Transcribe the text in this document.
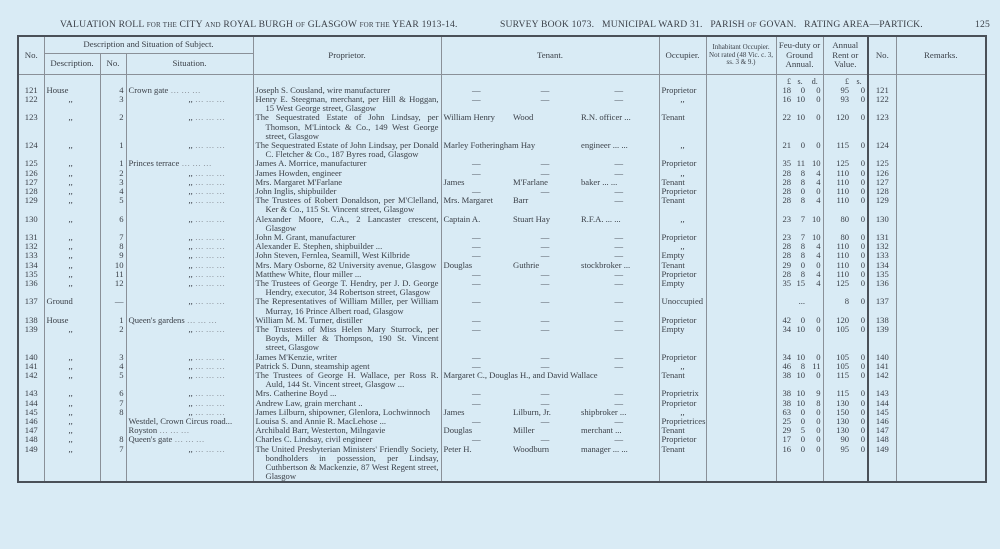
VALUATION ROLL FOR THE CITY AND ROYAL BURGH OF GLASGOW FOR THE YEAR 1913-14.	SURVEY BOOK 1073.   MUNICIPAL WARD 31.   PARISH OF GOVAN.   RATING AREA—PARTICK.	125
No.	Description and Situation of Subject.			Proprietor.	Tenant.			Occupier.	Inhabitant Occupier. Not rated (48 Vic. c. 3, ss. 3 & 9.)	Feu-duty or Ground Annual.			Annual Rent or Value.		No.	Remarks.
	Description.	No.	Situation.													
										£	s.	d.	£	s.		
121	House	4	Crown gate … … …	Joseph S. Cousland, wire manufacturer	—	—	—	Proprietor		18	0	0	95	0	121	
122	,,	3	,, … … …	Henry E. Steegman, merchant, per Hill & Hoggan, 15 West George street, Glasgow	—	—	—	,,		16	10	0	93	0	122	
123	,,	2	,, … … …	The Sequestrated Estate of John Lindsay, per Thomson, M'Lintock & Co., 149 West George street, Glasgow	William Henry	Wood	R.N. officer ...	Tenant		22	10	0	120	0	123	
124	,,	1	,, … … …	The Sequestrated Estate of John Lindsay, per Donald C. Fletcher & Co., 187 Byres road, Glasgow	Marley Fotheringham Hay		engineer ... ...	,,		21	0	0	115	0	124	
125	,,	1	Princes terrace … … …	James A. Morrice, manufacturer	—	—	—	Proprietor		35	11	10	125	0	125	
126	,,	2	,, … … …	James Howden, engineer	—	—	—	,,		28	8	4	110	0	126	
127	,,	3	,, … … …	Mrs. Margaret M'Farlane	James	M'Farlane	baker ... ...	Tenant		28	8	4	110	0	127	
128	,,	4	,, … … …	John Inglis, shipbuilder	—	—	—	Proprietor		28	0	0	110	0	128	
129	,,	5	,, … … …	The Trustees of Robert Donaldson, per M'Clelland, Ker & Co., 115 St. Vincent street, Glasgow	Mrs. Margaret	Barr	—	Tenant		28	8	4	110	0	129	
130	,,	6	,, … … …	Alexander Moore, C.A., 2 Lancaster crescent, Glasgow	Captain A.	Stuart Hay	R.F.A. ... ...	,,		23	7	10	80	0	130	
131	,,	7	,, … … …	John M. Grant, manufacturer	—	—	—	Proprietor		23	7	10	80	0	131	
132	,,	8	,, … … …	Alexander E. Stephen, shipbuilder ...	—	—	—	,,		28	8	4	110	0	132	
133	,,	9	,, … … …	John Steven, Fernlea, Seamill, West Kilbride	—	—	—	Empty		28	8	4	110	0	133	
134	,,	10	,, … … …	Mrs. Mary Osborne, 82 University avenue, Glasgow	Douglas	Guthrie	stockbroker ...	Tenant		29	0	0	110	0	134	
135	,,	11	,, … … …	Matthew White, flour miller ...	—	—	—	Proprietor		28	8	4	110	0	135	
136	,,	12	,, … … …	The Trustees of George T. Hendry, per J. D. George Hendry, executor, 34 Robertson street, Glasgow	—	—	—	Empty		35	15	4	125	0	136	
137	Ground	—	,, … … …	The Representatives of William Miller, per William Murray, 16 Prince Albert road, Glasgow	—	—	—	Unoccupied			...		8	0	137	
138	House	1	Queen's gardens … … …	William M. M. Turner, distiller	—	—	—	Proprietor		42	0	0	120	0	138	
139	,,	2	,, … … …	The Trustees of Miss Helen Mary Sturrock, per Boyds, Miller & Thompson, 190 St. Vincent street, Glasgow	—	—	—	Empty		34	10	0	105	0	139	
140	,,	3	,, … … …	James M'Kenzie, writer	—	—	—	Proprietor		34	10	0	105	0	140	
141	,,	4	,, … … …	Patrick S. Dunn, steamship agent	—	—	—	,,		46	8	11	105	0	141	
142	,,	5	,, … … …	The Trustees of George H. Wallace, per Ross R. Auld, 144 St. Vincent street, Glasgow ...	Margaret C., Douglas H., and David Wallace			Tenant		38	10	0	115	0	142	
143	,,	6	,, … … …	Mrs. Catherine Boyd ...	—	—	—	Proprietrix		38	10	9	115	0	143	
144	,,	7	,, … … …	Andrew Law, grain merchant ..	—	—	—	Proprietor		38	10	8	130	0	144	
145	,,	8	,, … … …	James Lilburn, shipowner, Glenlora, Lochwinnoch	James	Lilburn, Jr.	shipbroker ...	,,		63	0	0	150	0	145	
146	,,		Westdel, Crown Circus road...	Louisa S. and Annie R. MacLehose ...	—	—	—	Proprietrices		25	0	0	130	0	146	
147	,,		Royston … … …	Archibald Barr, Westerton, Milngavie	Douglas	Miller	merchant ...	Tenant		29	5	0	130	0	147	
148	,,	8	Queen's gate … … …	Charles C. Lindsay, civil engineer	—	—	—	Proprietor		17	0	0	90	0	148	
149	,,	7	,, … … …	The United Presbyterian Ministers' Friendly Society, bondholders in possession, per Lindsay, Cuthbertson & Mackenzie, 87 West Regent street, Glasgow	Peter H.	Woodburn	manager ... ...	Tenant		16	0	0	95	0	149	
